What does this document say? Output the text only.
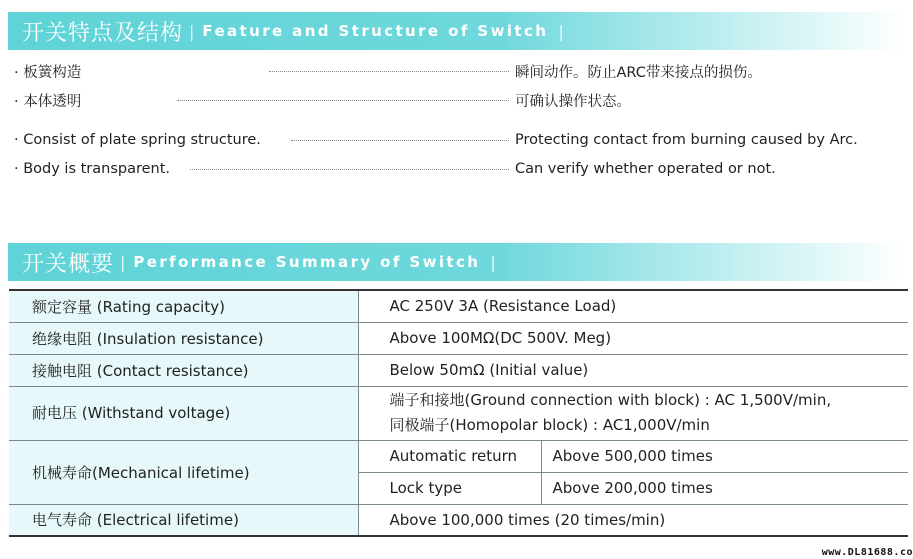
开关特点及结构 | Feature and Structure of Switch |
· 板簧构造	瞬间动作。防止ARC带来接点的损伤。
· 本体透明	可确认操作状态。
· Consist of plate spring structure.	Protecting contact from burning caused by Arc.
· Body is transparent.	Can verify whether operated or not.
开关概要 | Performance Summary of Switch |
额定容量 (Rating capacity)	AC 250V 3A (Resistance Load)	
绝缘电阻 (Insulation resistance)	Above 100MΩ(DC 500V. Meg)	
接触电阻 (Contact resistance)	Below 50mΩ (Initial value)	
耐电压 (Withstand voltage)	端子和接地(Ground connection with block) : AC 1,500V/min,
同极端子(Homopolar block) : AC1,000V/min	

机械寿命(Mechanical lifetime)	Automatic return	Above 500,000 times
	Lock type	Above 200,000 times
电气寿命 (Electrical lifetime)	Above 100,000 times (20 times/min)	
www.DL81688.co
